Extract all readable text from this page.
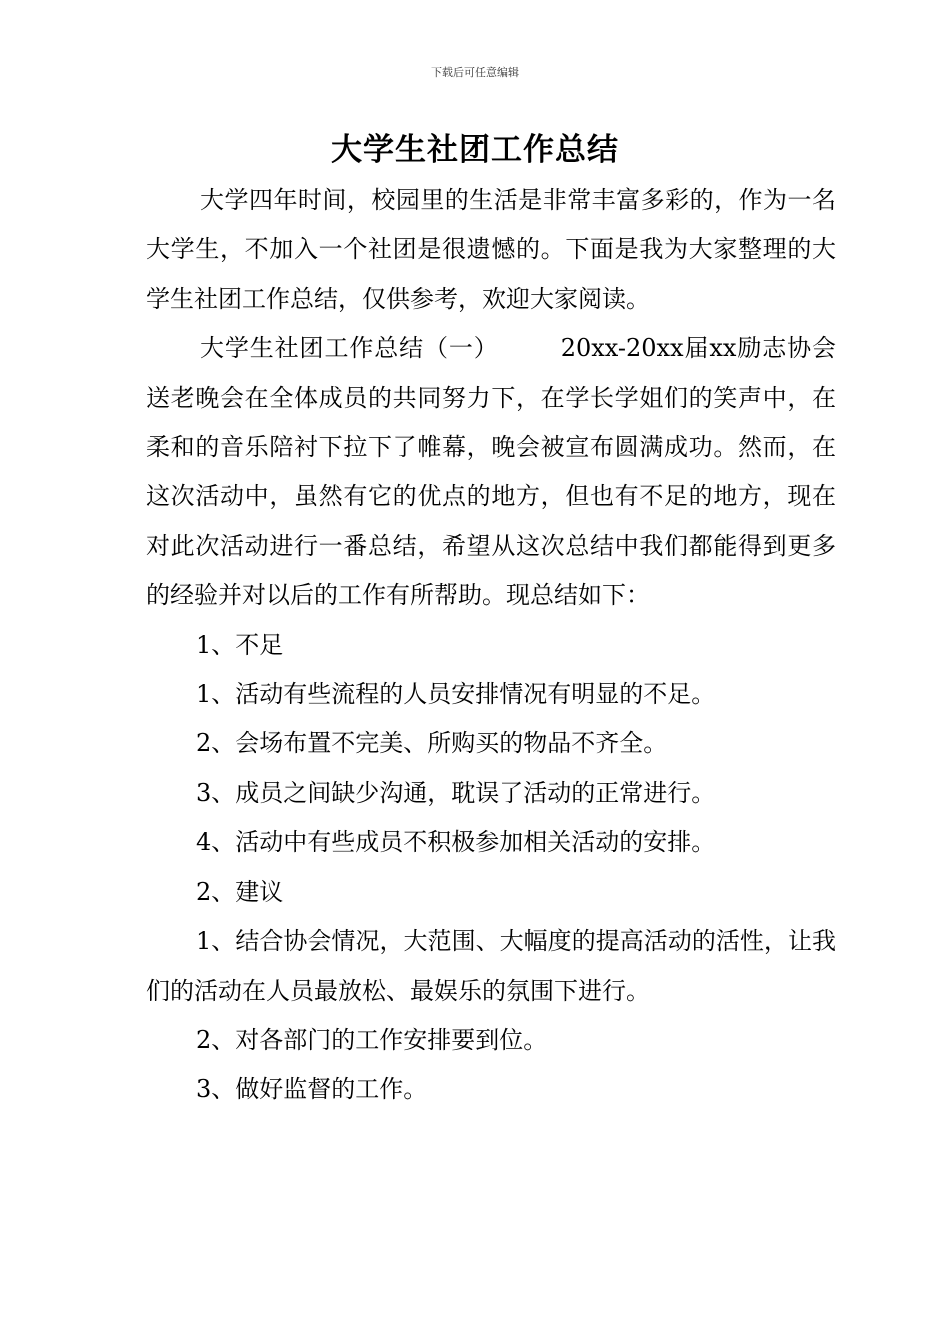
下载后可任意编辑
大学生社团工作总结

大学四年时间，校园里的生活是非常丰富多彩的，作为一名大学生，不加入一个社团是很遗憾的。下面是我为大家整理的大学生社团工作总结，仅供参考，欢迎大家阅读。

大学生社团工作总结（一）	20xx-20xx届xx励志协会送老晚会在全体成员的共同努力下，在学长学姐们的笑声中，在柔和的音乐陪衬下拉下了帷幕，晚会被宣布圆满成功。然而，在这次活动中，虽然有它的优点的地方，但也有不足的地方，现在对此次活动进行一番总结，希望从这次总结中我们都能得到更多的经验并对以后的工作有所帮助。现总结如下：

1、不足

1、活动有些流程的人员安排情况有明显的不足。

2、会场布置不完美、所购买的物品不齐全。

3、成员之间缺少沟通，耽误了活动的正常进行。

4、活动中有些成员不积极参加相关活动的安排。

2、建议

1、结合协会情况，大范围、大幅度的提高活动的活性，让我们的活动在人员最放松、最娱乐的氛围下进行。

2、对各部门的工作安排要到位。

3、做好监督的工作。
